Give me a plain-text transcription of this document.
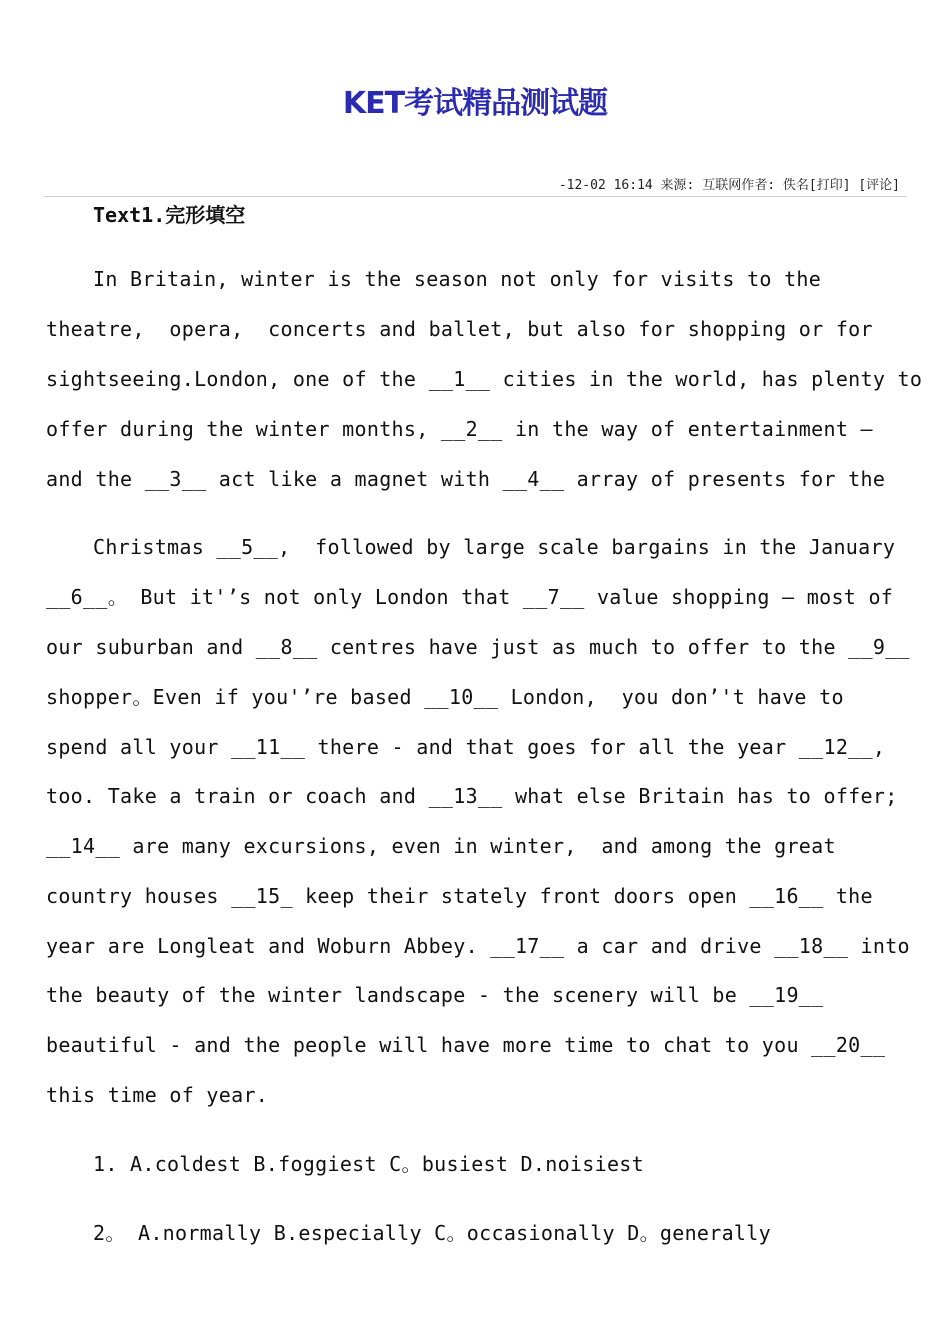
KET考试精品测试题
-12-02 16:14 来源: 互联网作者: 佚名[打印] [评论]
Text1.完形填空
In Britain, winter is the season not only for visits to the
theatre,  opera,  concerts and ballet, but also for shopping or for
sightseeing.London, one of the __1__ cities in the world, has plenty to
offer during the winter months, __2__ in the way of entertainment —
and the __3__ act like a magnet with __4__ array of presents for the
Christmas __5__,  followed by large scale bargains in the January
__6__。 But it'’s not only London that __7__ value shopping — most of
our suburban and __8__ centres have just as much to offer to the __9__
shopper。Even if you'’re based __10__ London,  you don’'t have to
spend all your __11__ there - and that goes for all the year __12__,
too. Take a train or coach and __13__ what else Britain has to offer;
__14__ are many excursions, even in winter,  and among the great
country houses __15_ keep their stately front doors open __16__ the
year are Longleat and Woburn Abbey. __17__ a car and drive __18__ into
the beauty of the winter landscape - the scenery will be __19__
beautiful - and the people will have more time to chat to you __20__
this time of year.
1. A.coldest B.foggiest C。busiest D.noisiest
2。 A.normally B.especially C。occasionally D。generally
